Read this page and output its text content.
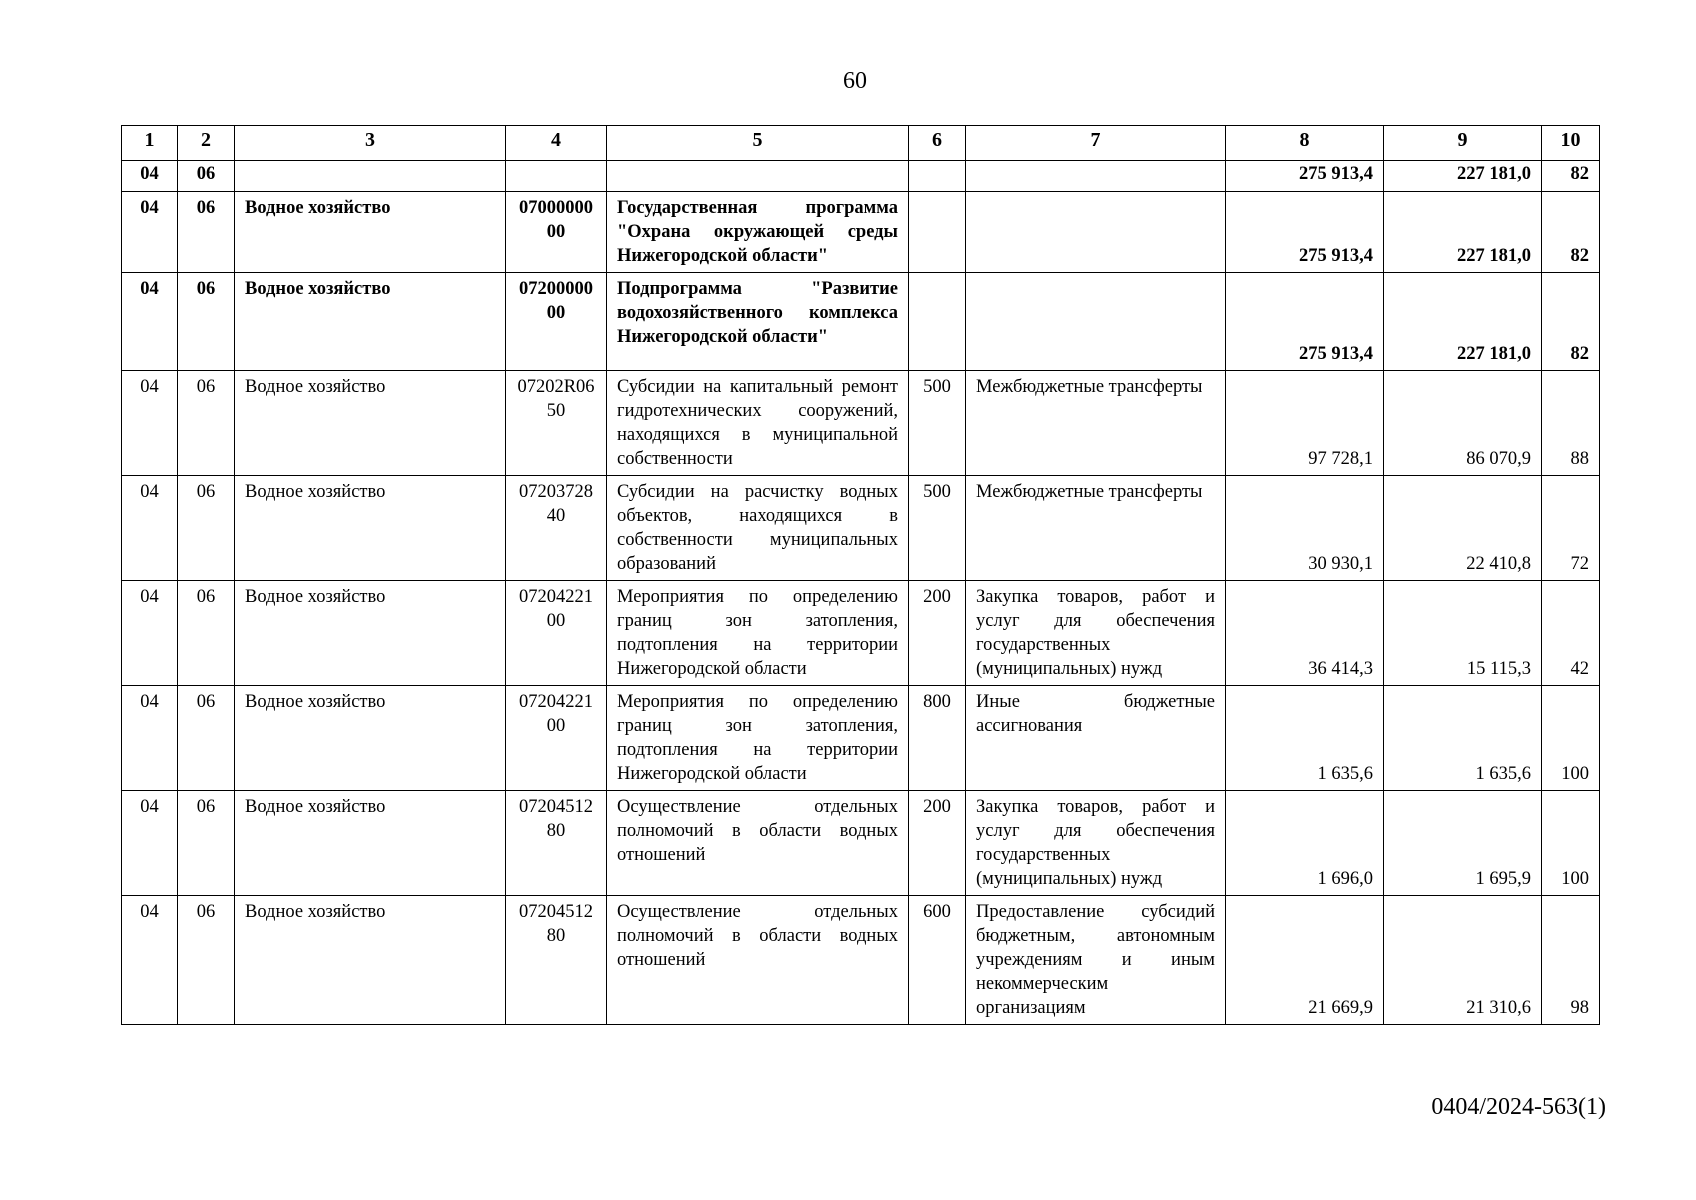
60
1	2	3	4	5	6	7	8	9	10
04	06						275 913,4	227 181,0	82
04	06	Водное хозяйство	0700000000	Государственная программа "Охрана окружающей среды Нижегородской области"			275 913,4	227 181,0	82
04	06	Водное хозяйство	0720000000	Подпрограмма "Развитие водохозяйственного комплекса Нижегородской области"			275 913,4	227 181,0	82
04	06	Водное хозяйство	07202R0650	Субсидии на капитальный ремонт гидротехнических сооружений, находящихся в муниципальной собственности	500	Межбюджетные трансферты	97 728,1	86 070,9	88
04	06	Водное хозяйство	0720372840	Субсидии на расчистку водных объектов, находящихся в собственности муниципальных образований	500	Межбюджетные трансферты	30 930,1	22 410,8	72
04	06	Водное хозяйство	0720422100	Мероприятия по определению границ зон затопления, подтопления на территории Нижегородской области	200	Закупка товаров, работ и услуг для обеспечения государственных (муниципальных) нужд	36 414,3	15 115,3	42
04	06	Водное хозяйство	0720422100	Мероприятия по определению границ зон затопления, подтопления на территории Нижегородской области	800	Иные бюджетные ассигнования	1 635,6	1 635,6	100
04	06	Водное хозяйство	0720451280	Осуществление отдельных полномочий в области водных отношений	200	Закупка товаров, работ и услуг для обеспечения государственных (муниципальных) нужд	1 696,0	1 695,9	100
04	06	Водное хозяйство	0720451280	Осуществление отдельных полномочий в области водных отношений	600	Предоставление субсидий бюджетным, автономным учреждениям и иным некоммерческим организациям	21 669,9	21 310,6	98
0404/2024-563(1)
